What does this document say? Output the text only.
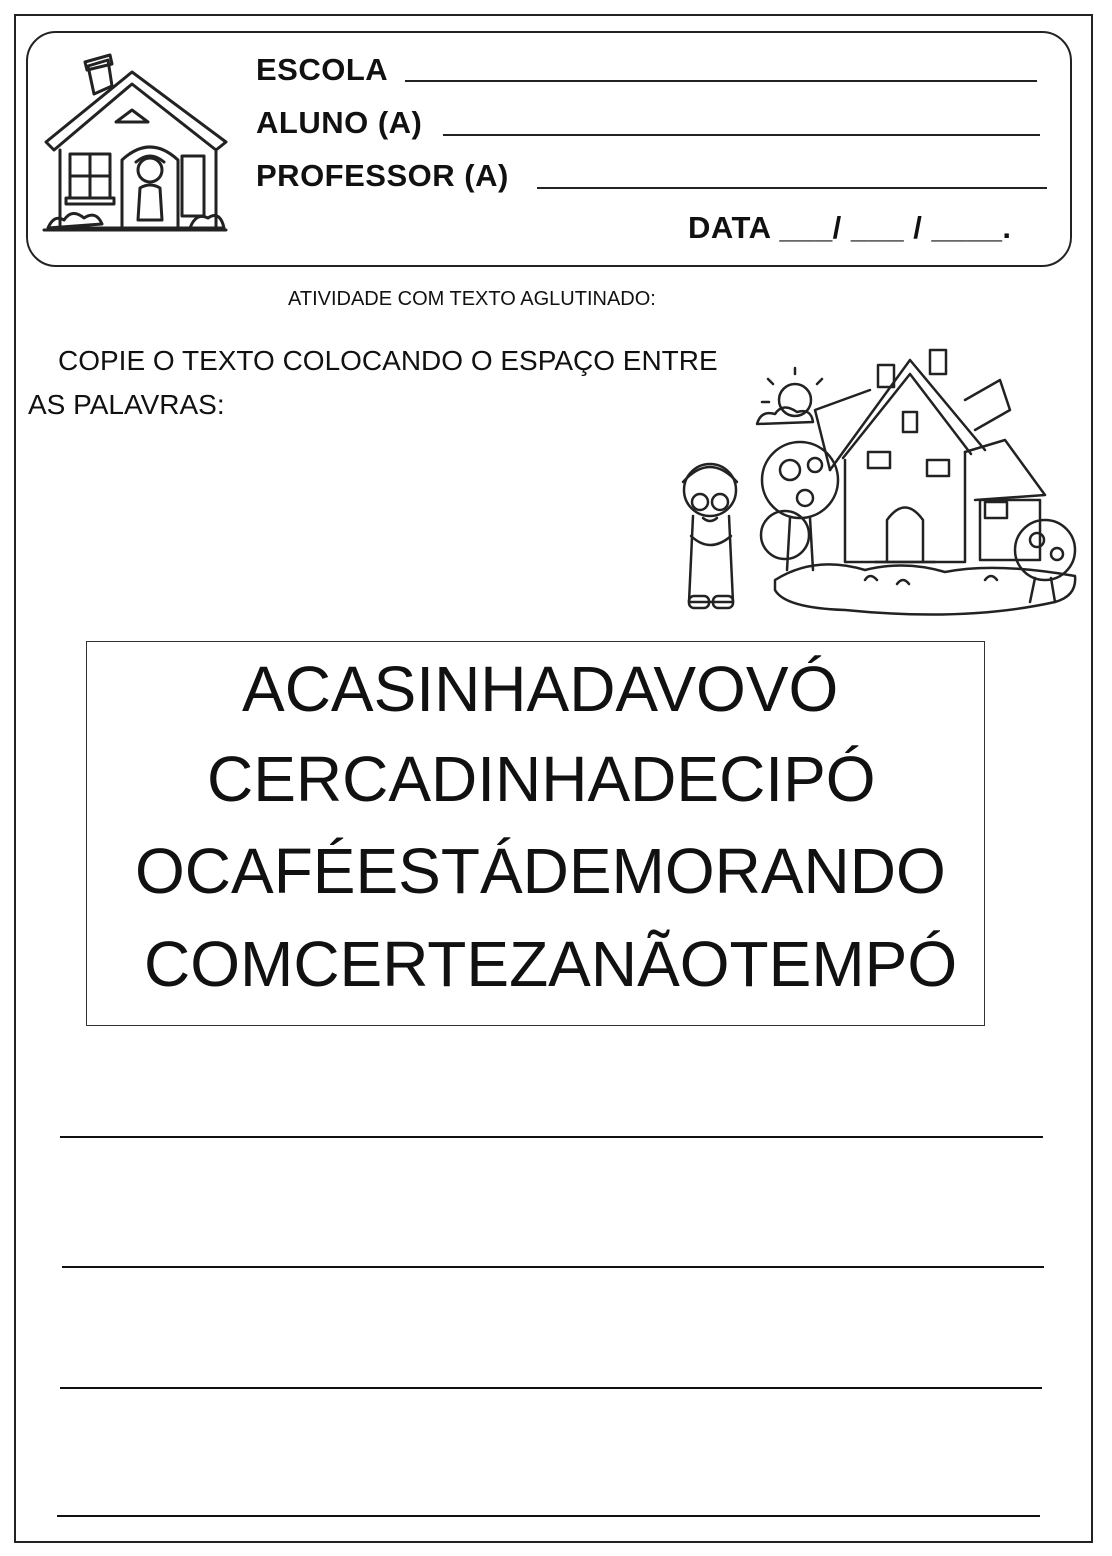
ESCOLA
ALUNO (A)
PROFESSOR (A)
DATA ___/ ___ / ____.
ATIVIDADE COM TEXTO AGLUTINADO:
COPIE O TEXTO COLOCANDO O ESPAÇO ENTRE
AS PALAVRAS:
ACASINHADAVOVÓ
CERCADINHADECIPÓ
OCAFÉESTÁDEMORANDO
COMCERTEZANÃOTEMPÓ
